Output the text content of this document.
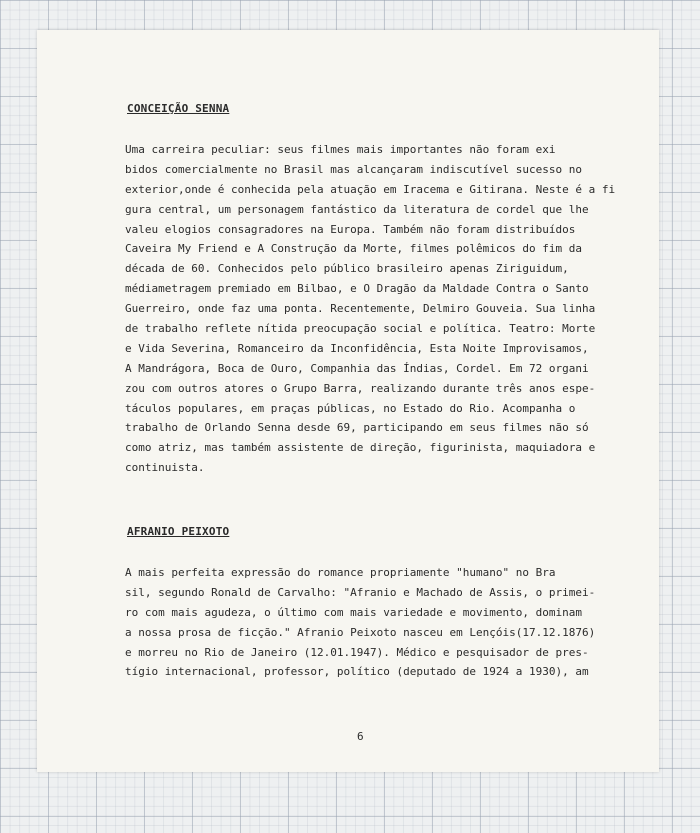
CONCEIÇÃO SENNA
Uma carreira peculiar: seus filmes mais importantes não foram exi
bidos comercialmente no Brasil mas alcançaram indiscutível sucesso no
exterior,onde é conhecida pela atuação em Iracema e Gitirana. Neste é a fi
gura central, um personagem fantástico da literatura de cordel que lhe
valeu elogios consagradores na Europa. Também não foram distribuídos
Caveira My Friend e A Construção da Morte, filmes polêmicos do fim da
década de 60. Conhecidos pelo público brasileiro apenas Ziriguidum,
médiametragem premiado em Bilbao, e O Dragão da Maldade Contra o Santo
Guerreiro, onde faz uma ponta. Recentemente, Delmiro Gouveia. Sua linha
de trabalho reflete nítida preocupação social e política. Teatro: Morte
e Vida Severina, Romanceiro da Inconfidência, Esta Noite Improvisamos,
A Mandrágora, Boca de Ouro, Companhia das Índias, Cordel. Em 72 organi
zou com outros atores o Grupo Barra, realizando durante três anos espe-
táculos populares, em praças públicas, no Estado do Rio. Acompanha o
trabalho de Orlando Senna desde 69, participando em seus filmes não só
como atriz, mas também assistente de direção, figurinista, maquiadora e
continuista.
AFRANIO PEIXOTO
A mais perfeita expressão do romance propriamente "humano" no Bra
sil, segundo Ronald de Carvalho: "Afranio e Machado de Assis, o primei-
ro com mais agudeza, o último com mais variedade e movimento, dominam
a nossa prosa de ficção." Afranio Peixoto nasceu em Lençóis(17.12.1876)
e morreu no Rio de Janeiro (12.01.1947). Médico e pesquisador de pres-
tígio internacional, professor, político (deputado de 1924 a 1930), am
6
